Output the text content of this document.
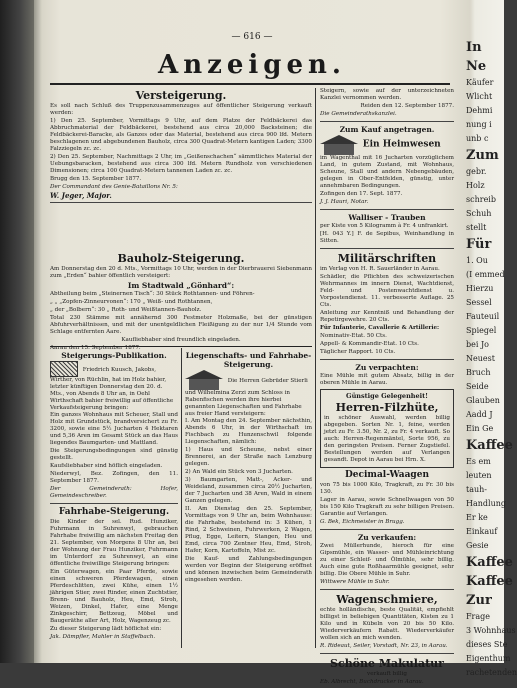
— 616 —
Anzeigen.
Versteigerung.

Es soll nach Schluß des Truppenzusammenzuges auf öffentlicher Steigerung verkauft werden:

1) Den 25. September, Vormittags 9 Uhr, auf dem Platze der Feldbäckerei das Abbruchmaterial der Feldbäckerei, bestehend aus circa 20,000 Backsteinen; die Feldbäckerei-Baracke, als Ganzes oder das Material, bestehend aus circa 900 lfd. Metern beschlagenen und abgebundenen Bauholz, circa 300 Quadrat-Metern kantigen Laden; 3300 Falzziegeln zc. zc.

2) Den 25. September, Nachmittags 2 Uhr, im „Geißenschachen“ sämmtliches Material der Uebungsbaracken, bestehend aus circa 300 lfd. Metern Rundholz von verschiedenen Dimensionen; circa 100 Quadrat-Metern tannenen Laden zc. zc.

Brugg den 15. September 1877.

Der Commandant des Genie-Bataillons Nr. 5:

W. Jeger, Major.

Bauholz-Steigerung.

Am Donnerstag den 20 d. Mts., Vormittags 10 Uhr, werden in der Dierbrauerei Siebenmann zum „Erden“ bahier öffentlich versteigert:

Im Stadtwald „Gönhard“:

Abtheilung beim „Steinernen Tisch“: 30 Stück Rothtannen- und Föhren-

„ „ „Zopfen-Zinneurvonen“: 170 „ Weiß- und Rothtannen,

„ der „Bolbern“: 30 „ Roth- und Weißtannen-Bauholz.

Total 230 Stämme mit annähernd 300 Festmeter Holzmaße, bei der günstigen Abfuhrverhältnissen, und mit der unentgeldlichen Fleißigung zu der nur 1/4 Stunde vom Schlage entfernten Aare.

Kaufliebhaber sind freundlich eingeladen.

Aarau den 15. September 1877.

Steigerungs-Publikation.

Friedrich Kuusch, Jakobs, Wirther, von Rüchlin, hat im Holz bahier, letzter künftigen Donnerstag den 20. d. Mts., von Abends 8 Uhr an, in Oehl Wirthschaft bahier freiwillig auf öffentliche Verkaufsteigerung bringen:

Ein ganzes Wohnhaus mit Scheuer, Stall und Holz mit Grundstück, brandversichert zu Fr. 3200, sowie eine 5½ Jucharten 4 Hektaren und 5,36 Aren im Gesamt Stück an das Haus liegendes Baumgarten- und Mattland.

Die Steigerungsbedingungen sind günstig gestellt.

Kaufsliebhaber sind höflich eingeladen.

Niederwyl, Bez. Zofingen, den 11. September 1877.

Der Gemeinderath: Hofer, Gemeindeschreiber.

Fahrhabe-Steigerung.

Die Kinder der sel. Rud. Hunziker, Fuhrmann in Suhrenwyl, gebrauchen Fahrhabe freiwillig am nächsten Freitag den 21. September, von Morgens 8 Uhr an, bei der Wohnung der Frau Hunziker, Fuhrmann im Unterdorf zu Suhrenwyl, an eine öffentliche freiwillige Steigerung bringen:

Ein Güterwagen, ein Paar Pferde, sowie einen schweren Pferdewagen, einen Pferdeschlitten, zwei Kühe, einen 1½ jährigen Stier, zwei Rinder, einen Zuchtstier, Brenn- und Bauholz, Heu, Emd, Stroh, Weizen, Dinkel, Hafer, eine Menge Zinkgeschirr, Bettzeug, Möbel und Baugeräthe aller Art, Holz, Wagenzeug zc.

Zu dieser Steigerung lädt höflichst ein:

Jak. Dämpfler, Mahler in Staffelbach.

Liegenschafts- und Fahrhabe-Steigerung.

Die Herren Gebrüder Stierli und Wilhelmina Zerzi zum Schloss in Rabenfischen werden ihre hierbei genannten Liegenschaften und Fahrhabe aus freier Hand versteigern:

I. Am Montag den 24. September nächsthin, Abends 6 Uhr, in der Wirthschaft im Fischbach zu Hunzenschwil folgende Liegenschaften, nämlich:

1) Haus und Scheune, nebst einer Brennerei, an der Straße nach Lenzburg gelegen.

2) An Wald ein Stück von 3 Jucharten.

3) Baumgarten, Matt-, Acker- und Weideland, zusammen circa 20½ Jucharten, der 7 Jucharten und 38 Aren, Wald in einem Ganzen gelegen.

II. Am Dienstag den 25. September, Vormittags von 9 Uhr an, beim Wohnhause: die Fahrhabe, bestehend in: 3 Kühen, 1 Rind, 2 Schweinen, Fuhrwerken, 2 Wagen, Pflug, Egge, Leitern, Stangen, Heu und Emd, circa 700 Zentner Heu, Emd, Stroh, Hafer, Korn, Kartoffeln, Mist zc.

Die Kauf- und Zahlungsbedingungen werden vor Beginn der Steigerung eröffnet und können inzwischen beim Gemeinderath eingesehen werden.

Steigern, sowie auf der unterzeichneten Kanzlei vernommen werden.

Reiden den 12. September 1877.

Die Gemeinderathskanzlei.

Zum Kauf angetragen.
Ein Heimwesen

im Wagenthal mit 16 Jucharten vorzüglichem Land, in gutem Zustand, mit Wohnhaus, Scheune, Stall und andern Nebengebäuden, gelegen in Ober-Entfelden, günstig, unter annehmbaren Bedingungen.

Zofingen den 17. Sept. 1877.

J. J. Hauri, Notar.

Walliser - Trauben

per Kiste von 5 Kilogramm à Fr. 4 unfrankirt.

[H. 043 Y.] F. de Sepibus, Weinhandlung in Sitten.

Militärschriften

im Verlag von H. R. Sauerländer in Aarau.

Schädler, die Pflichten des schweizerischen Wehrmannes im innern Dienst, Wachtdienst, Feld- und Postenwachtdienst u. Vorpostendienst. 11. verbesserte Auflage. 25 Cts.

Anleitung zur Kenntniß und Behandlung der Repetirgewehre. 20 Cts.

Für Infanterie, Cavallerie & Artillerie:

Nominativ-Etat. 50 Cts.

Appell- & Kommandir-Etat. 10 Cts.

Täglicher Rapport. 10 Cts.

Zu verpachten:

Eine Mühle mit gutem Absatz, billig in der oberen Mühle in Aarau.

Günstige Gelegenheit!
Herren-Filzhüte,

in schöner Auswahl, werden billig abgegeben. Sorten Nr. 1, feine, werden jetzt zu Fr. 3.50, Nr. 2, zu Fr. 4 verkauft. So auch: Herren-Regenmäntel, Sorte 956, zu den geringsten Preisen. Ferner Zugstiefel. Bestellungen werden auf Verlangen gesandt. Depot in Aarau bei Hrn. X.

Decimal-Waagen

von 75 bis 1000 Kilo, Tragkraft, zu Fr. 30 bis 130.

Lager in Aarau, sowie Schnellwaagen von 50 bis 150 Kilo Tragkraft zu sehr billigen Preisen. Garantie auf Verlangen.

G. Bek, Eichmeister in Brugg.

Zu verkaufen:

Zwei Müllerhunde, hieroch für eine Gipsmühle, ein Wasser- und Mühleinrichtung zu einer Schleif- und Ölmühle, sehr billig. Auch eine gute Roßhaarmühle geeignet, sehr billig. Die Obere Mühle in Suhr.

Wittwere Mühle in Suhr.

Wagenschmiere,

echte holländische, beste Qualität, empfiehlt billigst in beliebigen Quantitäten, Kisten zu 1 Kilo und in Kübeln von 20 bis 50 Kilo. Wiederverkäufern Rabatt. Wiederverkäufer wollen sich an mich wenden.

R. Rideaut, Seiler, Vorstadt, Nr. 23, in Aarau.

Schöne Makulatur

verkauft billig

Eb. Albrecht, Buchdrucker in Aarau.

In
Ne
Käufer
Wlicht
Dehmi
nung i
unb c
Zum
gebr.
Holz
schreib
Schuh
stellt
Für
1. Ou
(I emmed
Hierzu
Sessel
Fauteuil
Spiegel
bei Jo
Neuest
Bruch
Seide
Glauben
Aadd J
Ein Ge
Kaffee
Es em
leuten
tauh-
Handlung
Er ke
Einkauf
Gesie
Kaffee
Kaffee
Zur
Frage
3 Wohnhaus
dieses Ste
Eigenthum
rachetenden
